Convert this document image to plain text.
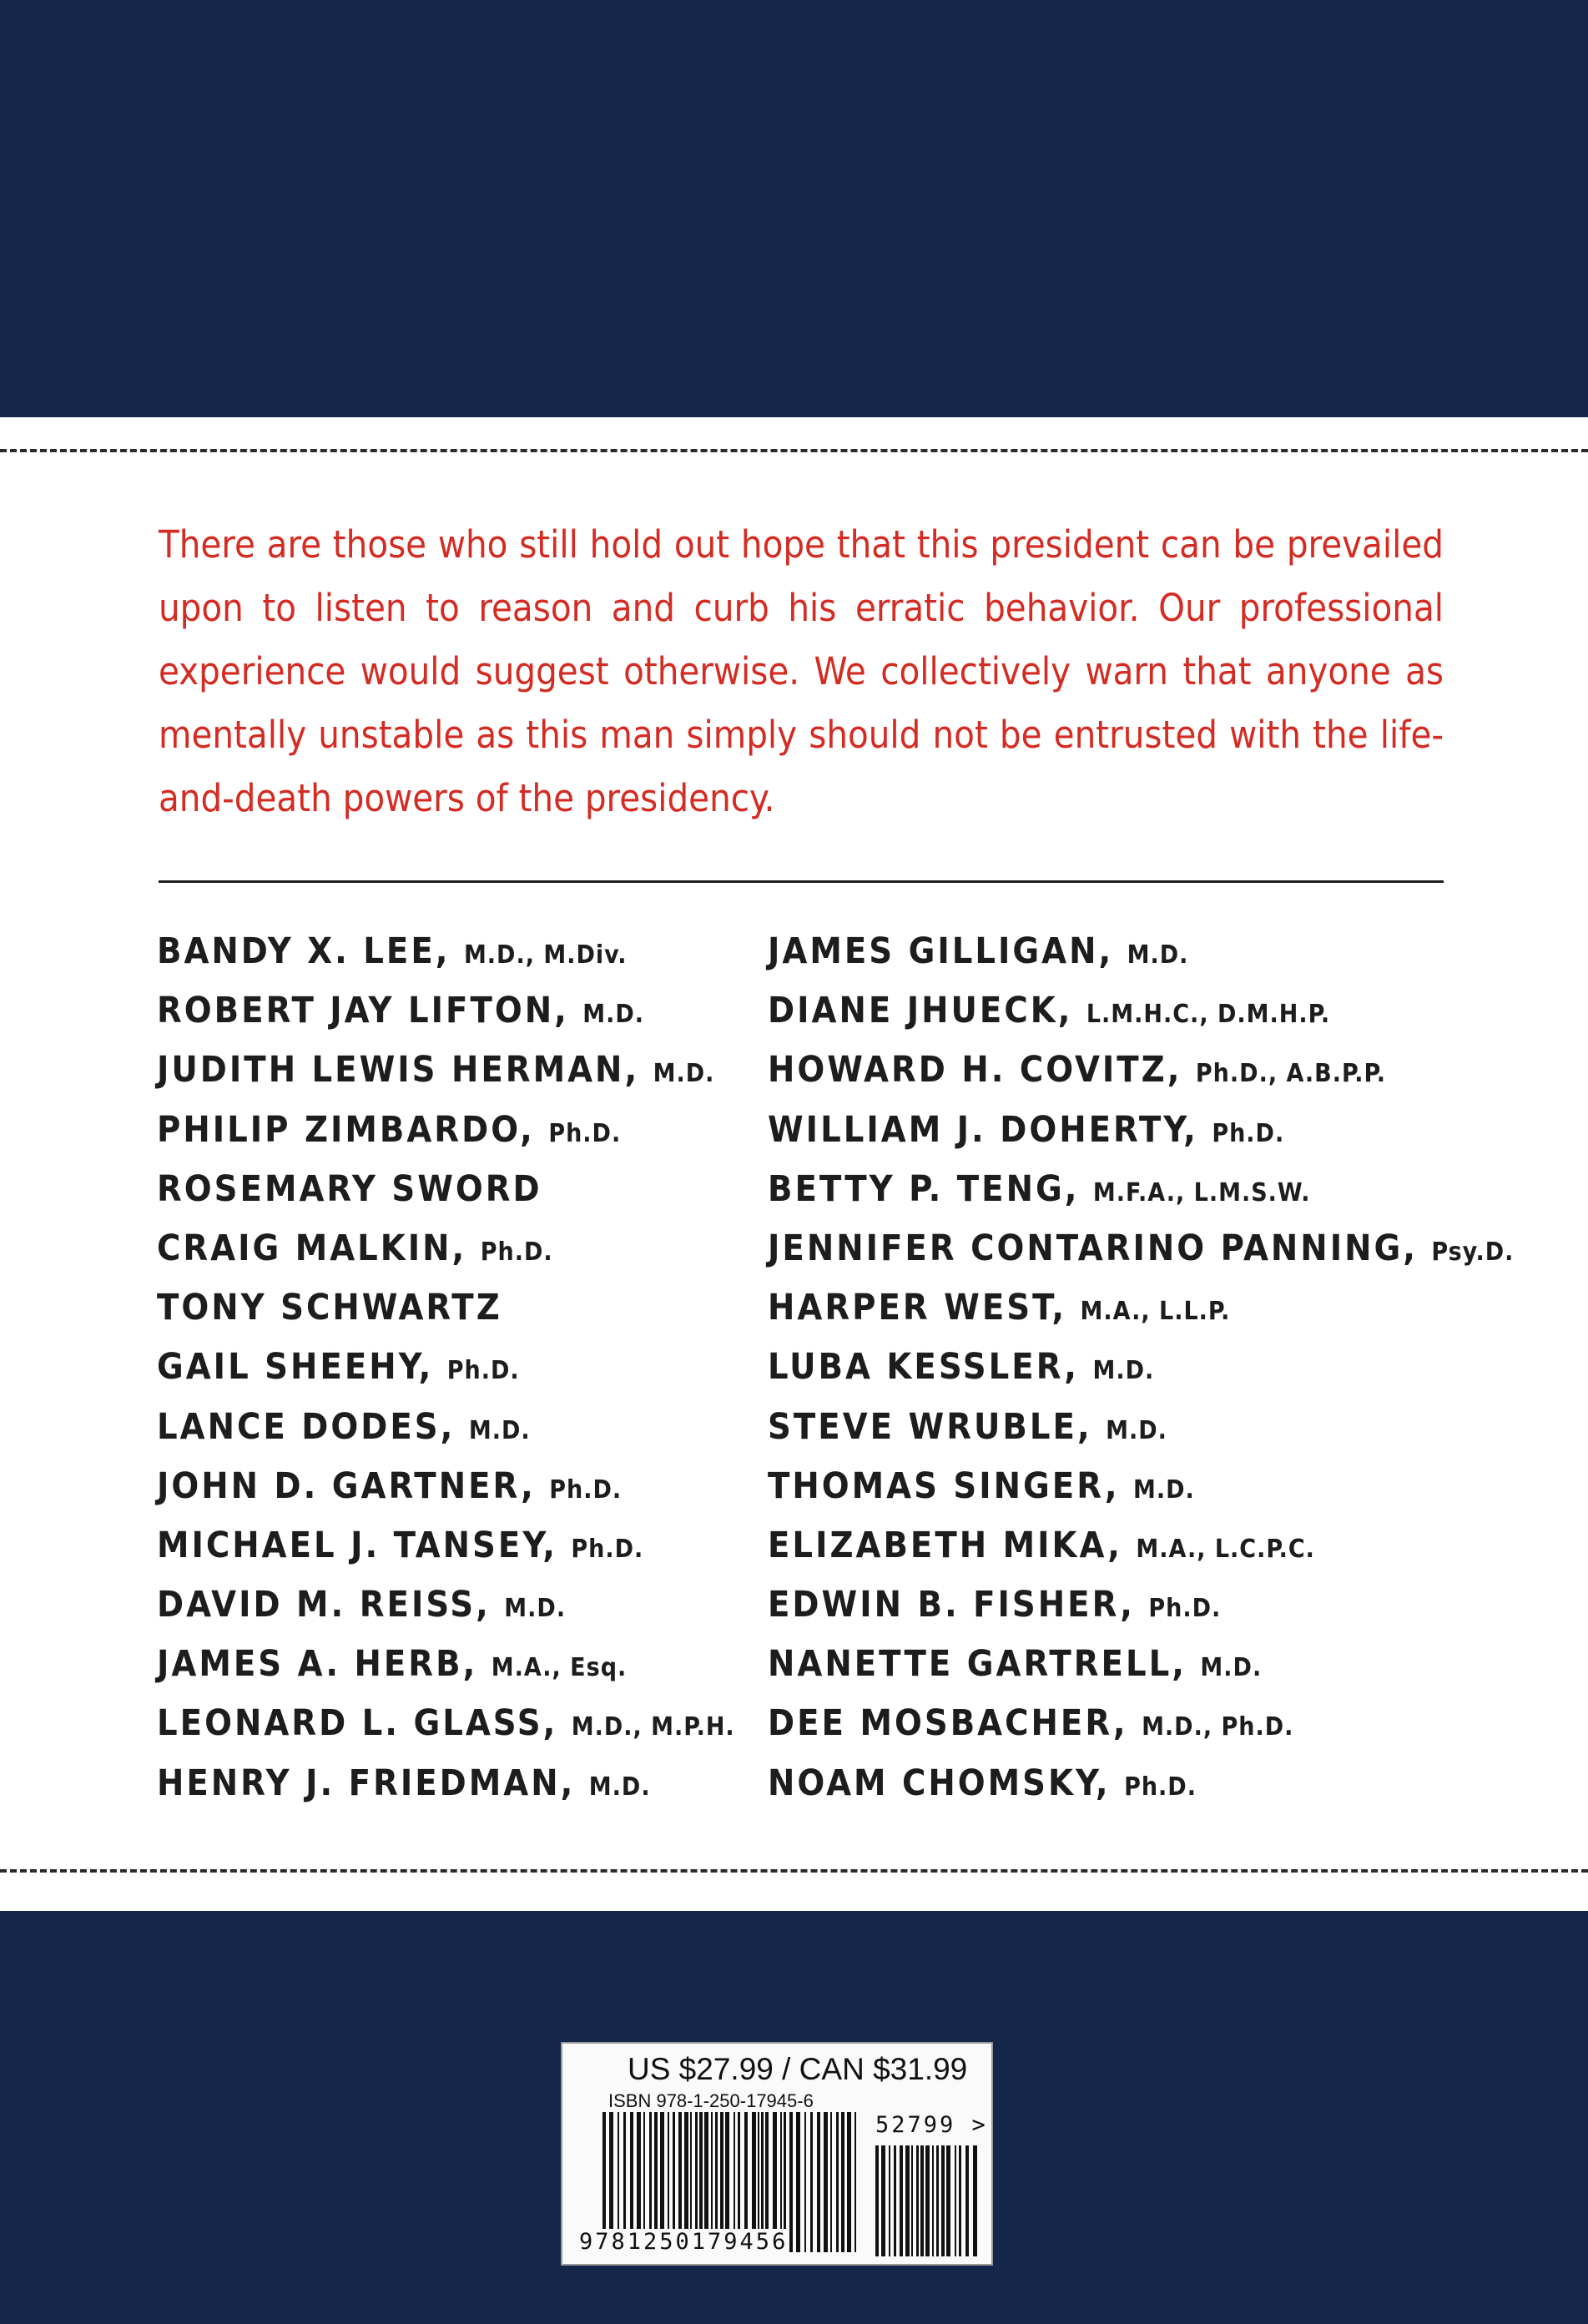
There are those who still hold out hope that this president can be prevailed upon to listen to reason and curb his erratic behavior. Our professional experience would suggest otherwise. We collectively warn that anyone as mentally unstable as this man simply should not be entrusted with the life-and-death powers of the presidency.

BANDY X. LEE, M.D., M.Div.
ROBERT JAY LIFTON, M.D.
JUDITH LEWIS HERMAN, M.D.
PHILIP ZIMBARDO, Ph.D.
ROSEMARY SWORD
CRAIG MALKIN, Ph.D.
TONY SCHWARTZ
GAIL SHEEHY, Ph.D.
LANCE DODES, M.D.
JOHN D. GARTNER, Ph.D.
MICHAEL J. TANSEY, Ph.D.
DAVID M. REISS, M.D.
JAMES A. HERB, M.A., Esq.
LEONARD L. GLASS, M.D., M.P.H.
HENRY J. FRIEDMAN, M.D.
JAMES GILLIGAN, M.D.
DIANE JHUECK, L.M.H.C., D.M.H.P.
HOWARD H. COVITZ, Ph.D., A.B.P.P.
WILLIAM J. DOHERTY, Ph.D.
BETTY P. TENG, M.F.A., L.M.S.W.
JENNIFER CONTARINO PANNING, Psy.D.
HARPER WEST, M.A., L.L.P.
LUBA KESSLER, M.D.
STEVE WRUBLE, M.D.
THOMAS SINGER, M.D.
ELIZABETH MIKA, M.A., L.C.P.C.
EDWIN B. FISHER, Ph.D.
NANETTE GARTRELL, M.D.
DEE MOSBACHER, M.D., Ph.D.
NOAM CHOMSKY, Ph.D.
US $27.99 / CAN $31.99
ISBN 978-1-250-17945-6
9781250179456
52799 >
